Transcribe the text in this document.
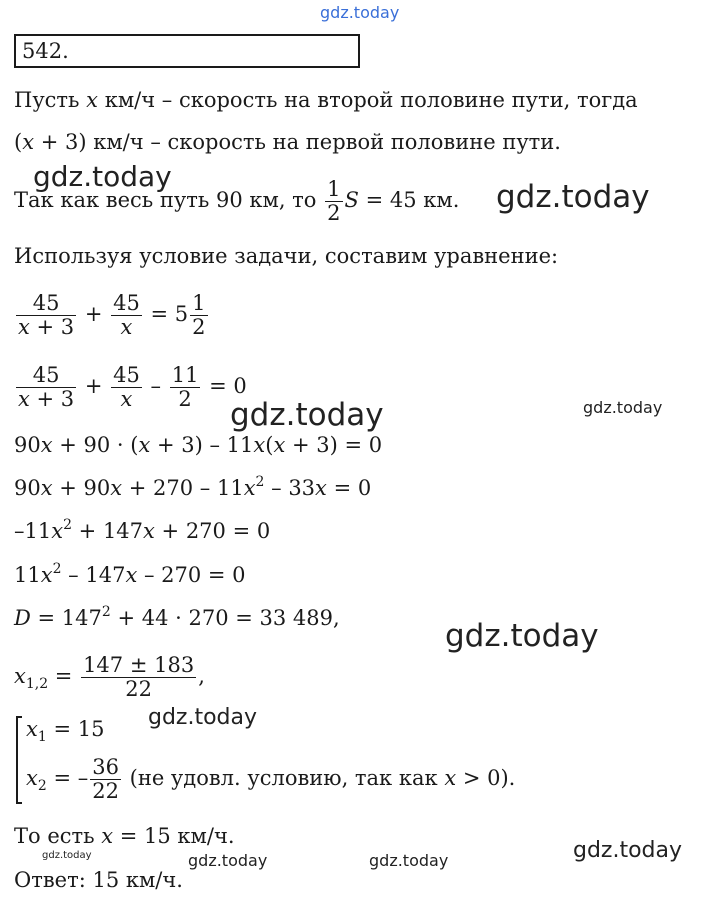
gdz.today
542.
Пусть x км/ч – скорость на второй половине пути, тогда
(x + 3) км/ч – скорость на первой половине пути.
gdz.today
Так как весь путь 90 км, то $\frac{1}{2}$ S = 45 км. gdz.today
Используя условие задачи, составим уравнение:
$\frac{45}{x + 3} + \frac{45}{x} = 5 \frac{1}{2}$
$\frac{45}{x + 3} + \frac{45}{x} - \frac{11}{2} = 0$
gdz.today	gdz.today
90x + 90 · (x + 3) – 11x(x + 3) = 0
$90x + 90x + 270 - 11x^2 - 33x = 0$
$-11x^2 + 147x + 270 = 0$
$11x^2 - 147x - 270 = 0$
$D = 147^2 + 44 \cdot 270 = 33$ 489,	gdz.today
$x_{1,2} = \frac{147 \pm 183}{22}$ ,
gdz.today
$x_1 = 15$
$x_2$ = – $\frac{36}{22} (не$ удовл. условию, так как x > 0).
То есть x = 15 км/ч.
gdz.today
gdz.today	gdz.today	gdz.today
Ответ: 15 км/ч.
